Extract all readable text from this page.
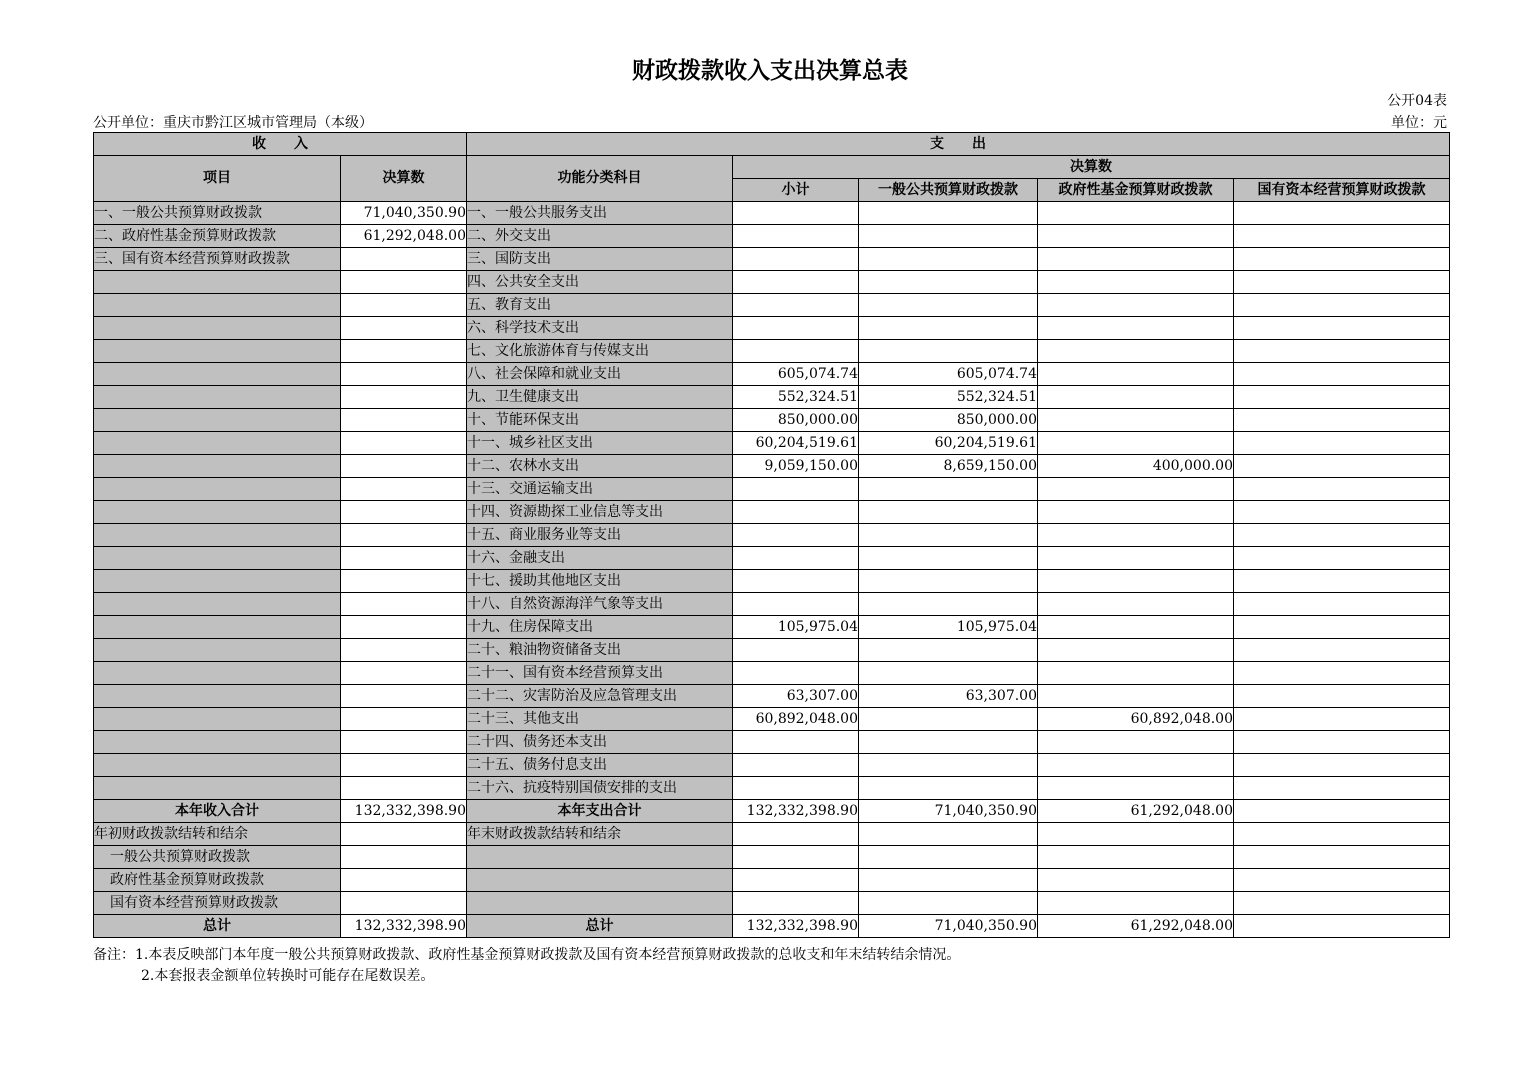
财政拨款收入支出决算总表
公开04表
公开单位：重庆市黔江区城市管理局（本级）	单位：元
收　　入		支　　出				
项目	决算数	功能分类科目	决算数			
			小计	一般公共预算财政拨款	政府性基金预算财政拨款	国有资本经营预算财政拨款
一、一般公共预算财政拨款	71,040,350.90	一、一般公共服务支出				
二、政府性基金预算财政拨款	61,292,048.00	二、外交支出				
三、国有资本经营预算财政拨款		三、国防支出				
		四、公共安全支出				
		五、教育支出				
		六、科学技术支出				
		七、文化旅游体育与传媒支出				
		八、社会保障和就业支出	605,074.74	605,074.74		
		九、卫生健康支出	552,324.51	552,324.51		
		十、节能环保支出	850,000.00	850,000.00		
		十一、城乡社区支出	60,204,519.61	60,204,519.61		
		十二、农林水支出	9,059,150.00	8,659,150.00	400,000.00	
		十三、交通运输支出				
		十四、资源勘探工业信息等支出				
		十五、商业服务业等支出				
		十六、金融支出				
		十七、援助其他地区支出				
		十八、自然资源海洋气象等支出				
		十九、住房保障支出	105,975.04	105,975.04		
		二十、粮油物资储备支出				
		二十一、国有资本经营预算支出				
		二十二、灾害防治及应急管理支出	63,307.00	63,307.00		
		二十三、其他支出	60,892,048.00		60,892,048.00	
		二十四、债务还本支出				
		二十五、债务付息支出				
		二十六、抗疫特别国债安排的支出				
本年收入合计	132,332,398.90	本年支出合计	132,332,398.90	71,040,350.90	61,292,048.00	
年初财政拨款结转和结余		年末财政拨款结转和结余				
一般公共预算财政拨款						
政府性基金预算财政拨款						
国有资本经营预算财政拨款						
总计	132,332,398.90	总计	132,332,398.90	71,040,350.90	61,292,048.00	
备注：1.本表反映部门本年度一般公共预算财政拨款、政府性基金预算财政拨款及国有资本经营预算财政拨款的总收支和年末结转结余情况。
2.本套报表金额单位转换时可能存在尾数误差。
